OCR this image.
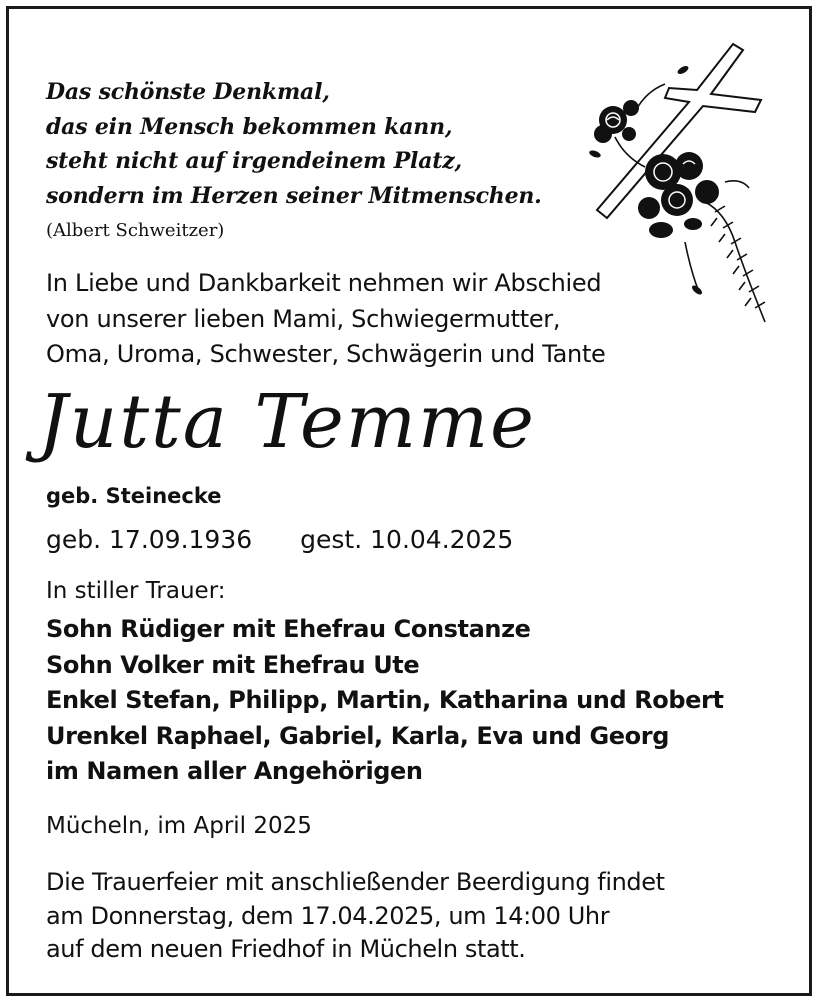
Das schönste Denkmal,
das ein Mensch bekommen kann,
steht nicht auf irgendeinem Platz,
sondern im Herzen seiner Mitmenschen.
(Albert Schweitzer)
In Liebe und Dankbarkeit nehmen wir Abschied
von unserer lieben Mami, Schwiegermutter,
Oma, Uroma, Schwester, Schwägerin und Tante
Jutta Temme
geb. Steinecke
geb. 17.09.1936 gest. 10.04.2025
In stiller Trauer:
Sohn Rüdiger mit Ehefrau Constanze
Sohn Volker mit Ehefrau Ute
Enkel Stefan, Philipp, Martin, Katharina und Robert
Urenkel Raphael, Gabriel, Karla, Eva und Georg
im Namen aller Angehörigen
Mücheln, im April 2025
Die Trauerfeier mit anschließender Beerdigung findet
am Donnerstag, dem 17.04.2025, um 14:00 Uhr
auf dem neuen Friedhof in Mücheln statt.
